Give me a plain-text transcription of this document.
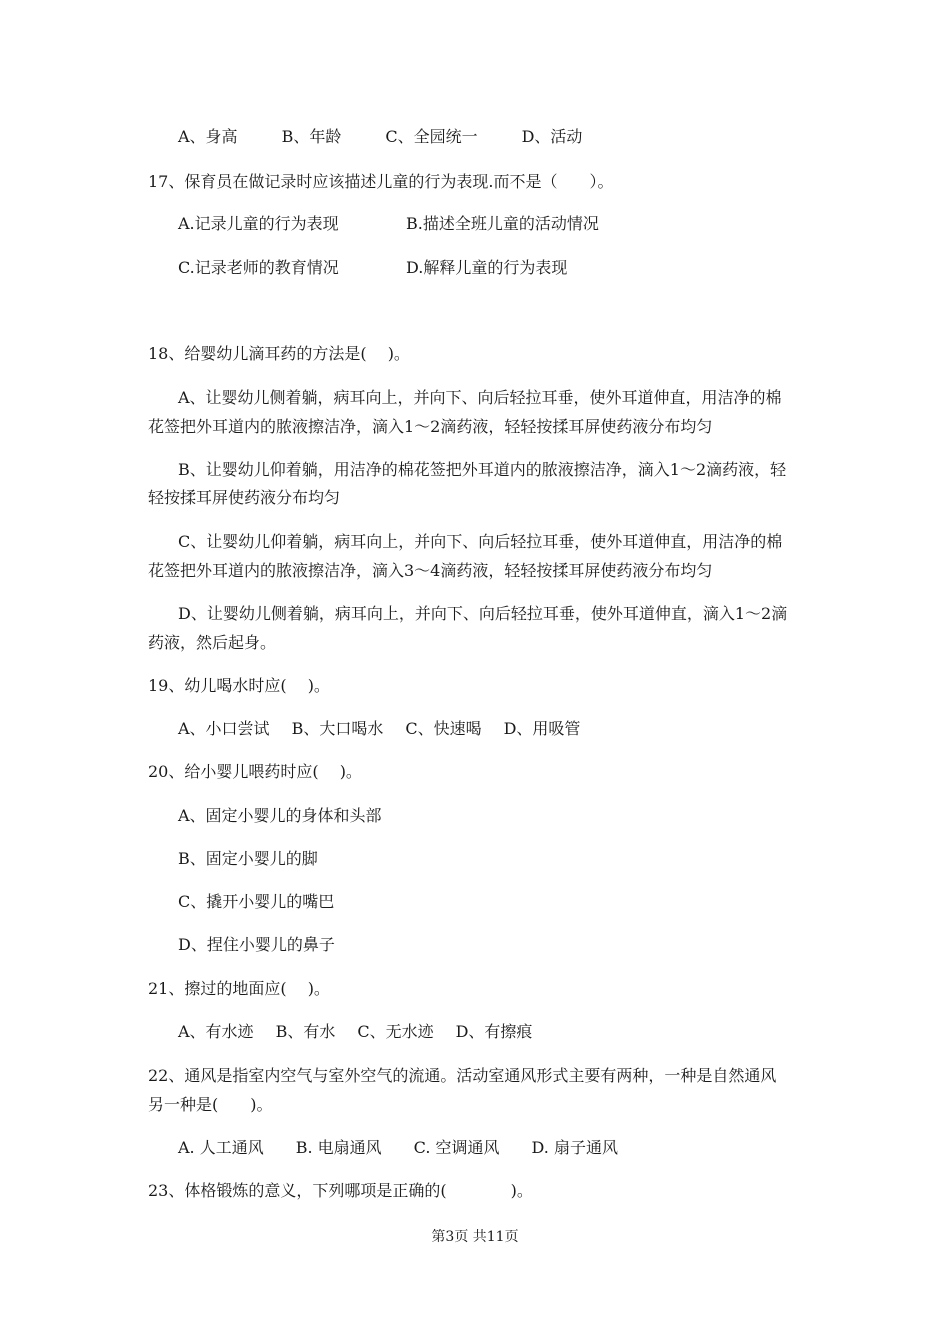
A、身高	B、年龄	C、全园统一	D、活动
17、保育员在做记录时应该描述儿童的行为表现.而不是（　　）。
A.记录儿童的行为表现	B.描述全班儿童的活动情况
C.记录老师的教育情况	D.解释儿童的行为表现
18、给婴幼儿滴耳药的方法是(　 )。
A、让婴幼儿侧着躺，病耳向上，并向下、向后轻拉耳垂，使外耳道伸直，用洁净的棉
花签把外耳道内的脓液擦洁净，滴入1～2滴药液，轻轻按揉耳屏使药液分布均匀
B、让婴幼儿仰着躺，用洁净的棉花签把外耳道内的脓液擦洁净，滴入1～2滴药液，轻
轻按揉耳屏使药液分布均匀
C、让婴幼儿仰着躺，病耳向上，并向下、向后轻拉耳垂，使外耳道伸直，用洁净的棉
花签把外耳道内的脓液擦洁净，滴入3～4滴药液，轻轻按揉耳屏使药液分布均匀
D、让婴幼儿侧着躺，病耳向上，并向下、向后轻拉耳垂，使外耳道伸直，滴入1～2滴
药液，然后起身。
19、幼儿喝水时应(　 )。
A、小口尝试 B、大口喝水 C、快速喝 D、用吸管
20、给小婴儿喂药时应(　 )。
A、固定小婴儿的身体和头部
B、固定小婴儿的脚
C、撬开小婴儿的嘴巴
D、捏住小婴儿的鼻子
21、擦过的地面应(　 )。
A、有水迹 B、有水 C、无水迹 D、有擦痕
22、通风是指室内空气与室外空气的流通。活动室通风形式主要有两种，一种是自然通风
另一种是(　　)。
A. 人工通风 B. 电扇通风 C. 空调通风 D. 扇子通风
23、体格锻炼的意义，下列哪项是正确的(　　　　)。
第3页 共11页
